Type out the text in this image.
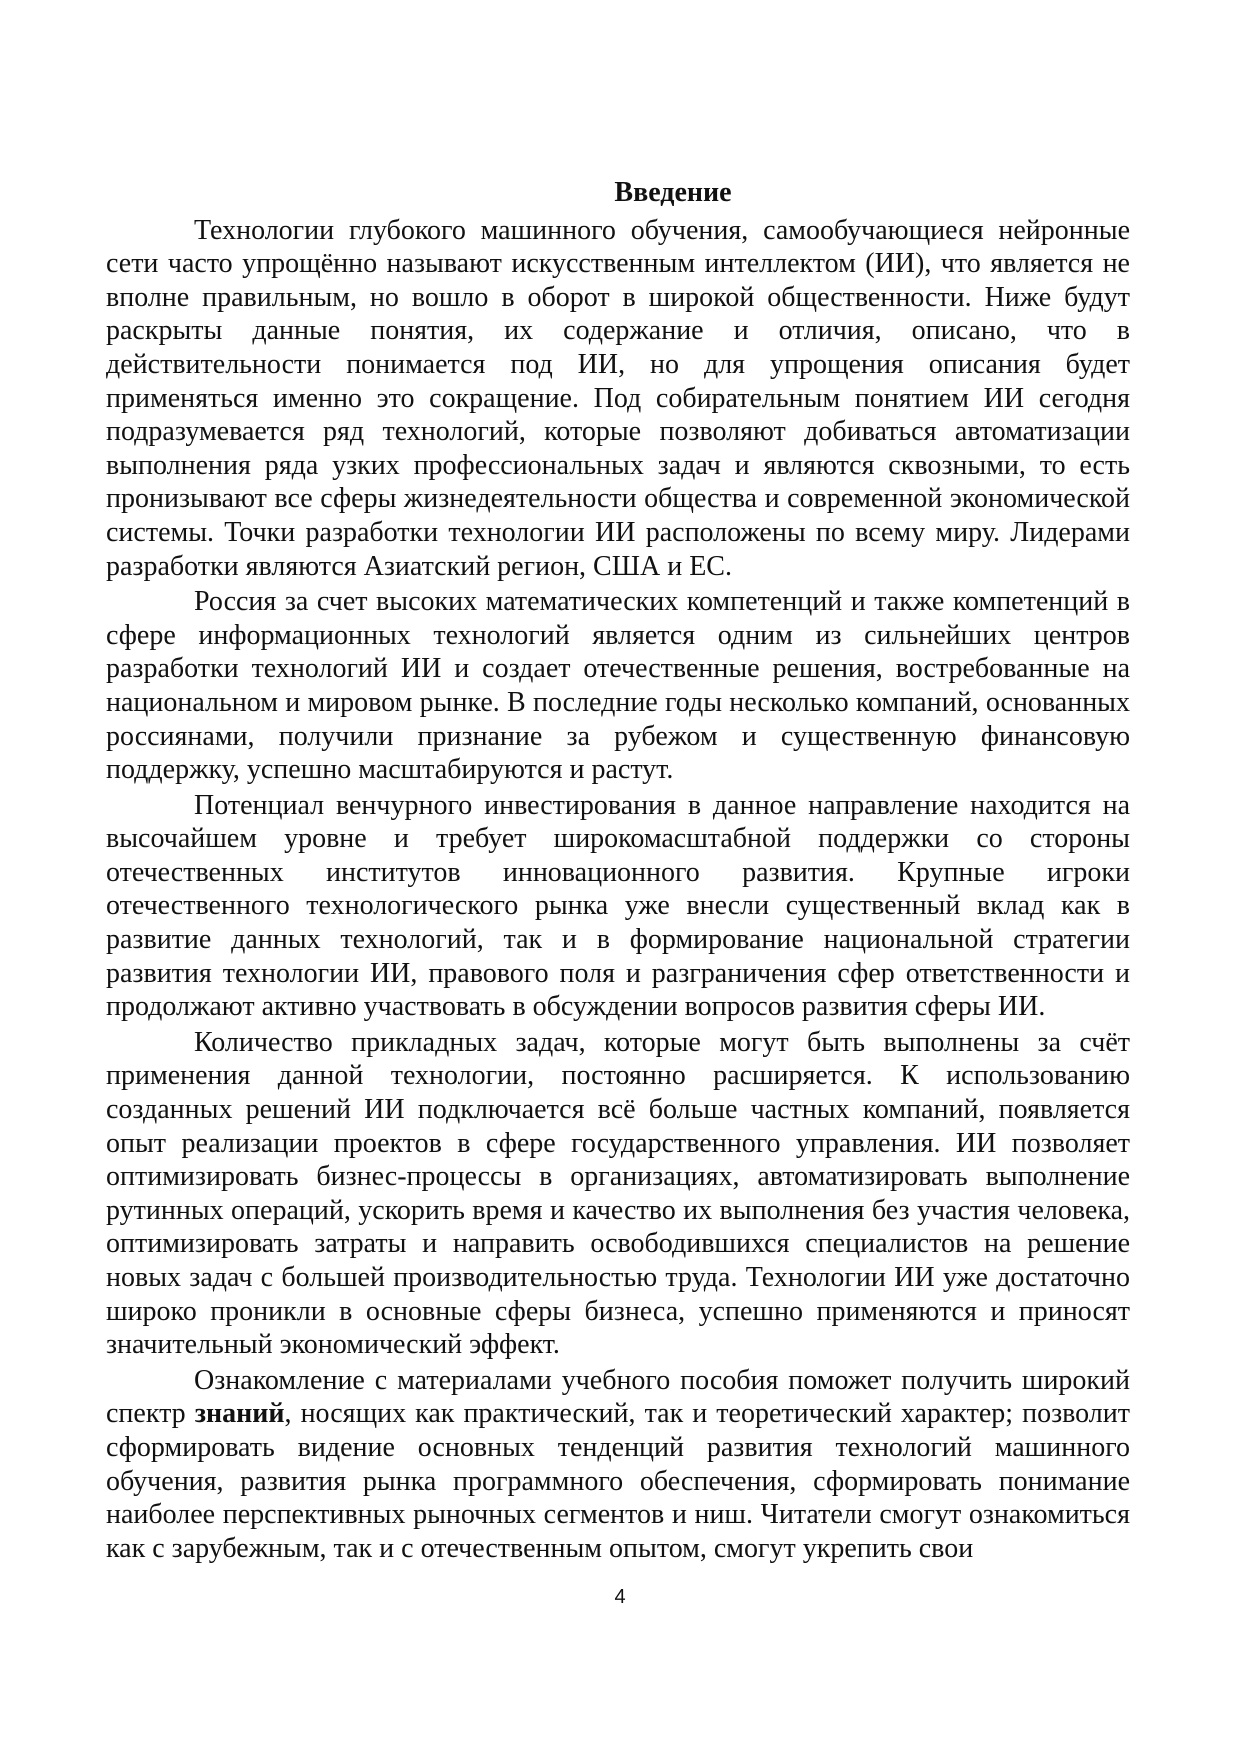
Введение

Технологии глубокого машинного обучения, самообучающиеся нейронные сети часто упрощённо называют искусственным интеллектом (ИИ), что является не вполне правильным, но вошло в оборот в широкой общественности. Ниже будут раскрыты данные понятия, их содержание и отличия, описано, что в действительности понимается под ИИ, но для упрощения описания будет применяться именно это сокращение. Под собирательным понятием ИИ сегодня подразумевается ряд технологий, которые позволяют добиваться автоматизации выполнения ряда узких профессиональных задач и являются сквозными, то есть пронизывают все сферы жизнедеятельности общества и современной экономической системы. Точки разработки технологии ИИ расположены по всему миру. Лидерами разработки являются Азиатский регион, США и ЕС.

Россия за счет высоких математических компетенций и также компетенций в сфере информационных технологий является одним из сильнейших центров разработки технологий ИИ и создает отечественные решения, востребованные на национальном и мировом рынке. В последние годы несколько компаний, основанных россиянами, получили признание за рубежом и существенную финансовую поддержку, успешно масштабируются и растут.

Потенциал венчурного инвестирования в данное направление находится на высочайшем уровне и требует широкомасштабной поддержки со стороны отечественных институтов инновационного развития. Крупные игроки отечественного технологического рынка уже внесли существенный вклад как в развитие данных технологий, так и в формирование национальной стратегии развития технологии ИИ, правового поля и разграничения сфер ответственности и продолжают активно участвовать в обсуждении вопросов развития сферы ИИ.

Количество прикладных задач, которые могут быть выполнены за счёт применения данной технологии, постоянно расширяется. К использованию созданных решений ИИ подключается всё больше частных компаний, появляется опыт реализации проектов в сфере государственного управления. ИИ позволяет оптимизировать бизнес-процессы в организациях, автоматизировать выполнение рутинных операций, ускорить время и качество их выполнения без участия человека, оптимизировать затраты и направить освободившихся специалистов на решение новых задач с большей производительностью труда. Технологии ИИ уже достаточно широко проникли в основные сферы бизнеса, успешно применяются и приносят значительный экономический эффект.

Ознакомление с материалами учебного пособия поможет получить широкий спектр знаний, носящих как практический, так и теоретический характер; позволит сформировать видение основных тенденций развития технологий машинного обучения, развития рынка программного обеспечения, сформировать понимание наиболее перспективных рыночных сегментов и ниш. Читатели смогут ознакомиться как с зарубежным, так и с отечественным опытом, смогут укрепить свои

4
